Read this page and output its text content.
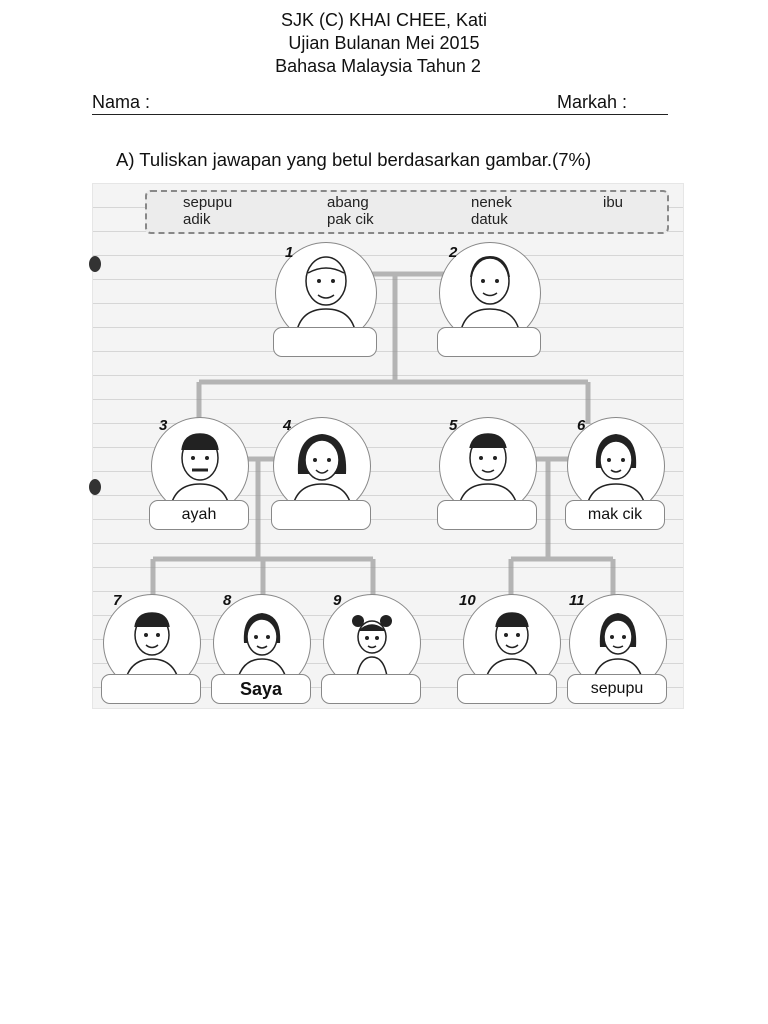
SJK (C) KHAI CHEE, Kati
Ujian Bulanan Mei 2015
Bahasa Malaysia Tahun 2
Nama :	Markah :
A) Tuliskan jawapan yang betul berdasarkan gambar.(7%)
sepupu
adik
abang
pak cik
nenek
datuk
ibu
1	2
3
ayah
4	5	6
mak cik
7	8
Saya
9	10	11
sepupu
